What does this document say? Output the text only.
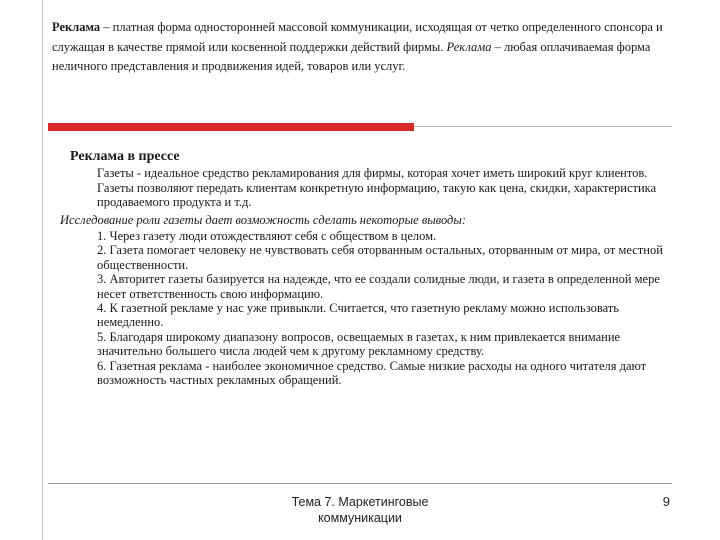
Реклама – платная форма односторонней массовой коммуникации, исходящая от четко определенного спонсора и служащая в качестве прямой или косвенной поддержки действий фирмы. Реклама – любая оплачиваемая форма неличного представления и продвижения идей, товаров или услуг.
Реклама в прессе

Газеты - идеальное средство рекламирования для фирмы, которая хочет иметь широкий круг клиентов. Газеты позволяют передать клиентам конкретную информацию, такую как цена, скидки, характеристика продаваемого продукта и т.д.

Исследование роли газеты дает возможность сделать некоторые выводы:

1. Через газету люди отождествляют себя с обществом в целом.

2. Газета помогает человеку не чувствовать себя оторванным остальных, оторванным от мира, от местной общественности.

3. Авторитет газеты базируется на надежде, что ее создали солидные люди, и газета в определенной мере несет ответственность свою информацию.

4. К газетной рекламе у нас уже привыкли. Считается, что газетную рекламу можно использовать немедленно.

5. Благодаря широкому диапазону вопросов, освещаемых в газетах, к ним привлекается внимание значительно большего числа людей чем к другому рекламному средству.

6. Газетная реклама - наиболее экономичное средство. Самые низкие расходы на одного читателя дают возможность частных рекламных обращений.

Тема 7. Маркетинговые коммуникации
9
